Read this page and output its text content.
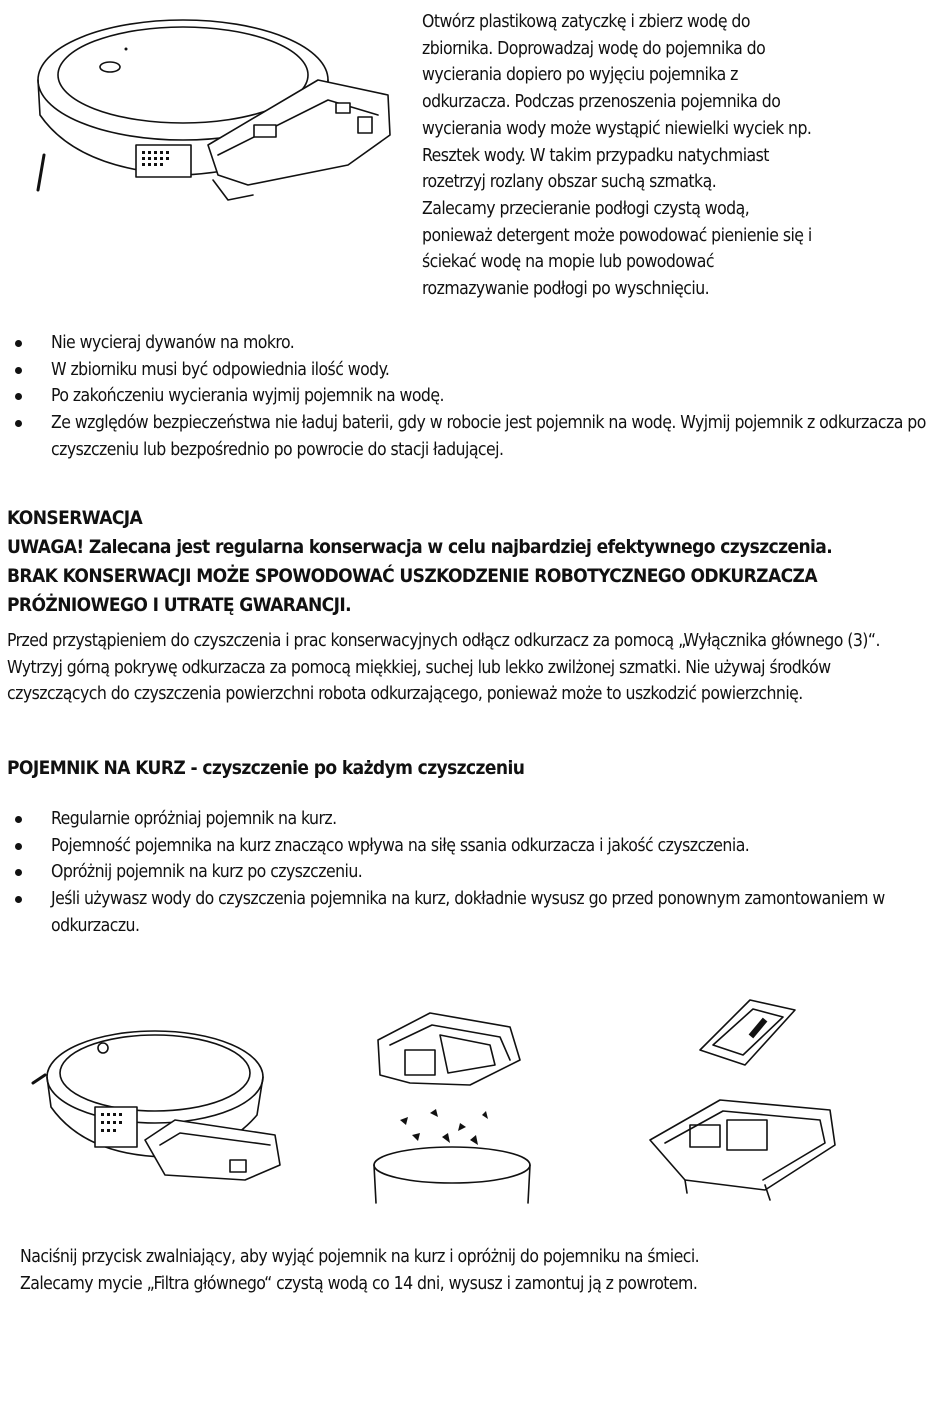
Otwórz plastikową zatyczkę i zbierz wodę do

zbiornika. Doprowadzaj wodę do pojemnika do

wycierania dopiero po wyjęciu pojemnika z

odkurzacza. Podczas przenoszenia pojemnika do

wycierania wody może wystąpić niewielki wyciek np.

Resztek wody. W takim przypadku natychmiast

rozetrzyj rozlany obszar suchą szmatką.

Zalecamy przecieranie podłogi czystą wodą,

ponieważ detergent może powodować pienienie się i

ściekać wodę na mopie lub powodować

rozmazywanie podłogi po wyschnięciu.

Nie wycieraj dywanów na mokro.
W zbiorniku musi być odpowiednia ilość wody.
Po zakończeniu wycierania wyjmij pojemnik na wodę.
Ze względów bezpieczeństwa nie ładuj baterii, gdy w robocie jest pojemnik na wodę. Wyjmij pojemnik z odkurzacza po czyszczeniu lub bezpośrednio po powrocie do stacji ładującej.
KONSERWACJA
UWAGA! Zalecana jest regularna konserwacja w celu najbardziej efektywnego czyszczenia.
BRAK KONSERWACJI MOŻE SPOWODOWAĆ USZKODZENIE ROBOTYCZNEGO ODKURZACZA
PRÓŻNIOWEGO I UTRATĘ GWARANCJI.

Przed przystąpieniem do czyszczenia i prac konserwacyjnych odłącz odkurzacz za pomocą „Wyłącznika głównego (3)“. Wytrzyj górną pokrywę odkurzacza za pomocą miękkiej, suchej lub lekko zwilżonej szmatki. Nie używaj środków czyszczących do czyszczenia powierzchni robota odkurzającego, ponieważ może to uszkodzić powierzchnię.

POJEMNIK NA KURZ - czyszczenie po każdym czyszczeniu
Regularnie opróżniaj pojemnik na kurz.
Pojemność pojemnika na kurz znacząco wpływa na siłę ssania odkurzacza i jakość czyszczenia.
Opróżnij pojemnik na kurz po czyszczeniu.
Jeśli używasz wody do czyszczenia pojemnika na kurz, dokładnie wysusz go przed ponownym zamontowaniem w odkurzaczu.

Naciśnij przycisk zwalniający, aby wyjąć pojemnik na kurz i opróżnij do pojemniku na śmieci.

Zalecamy mycie „Filtra głównego“ czystą wodą co 14 dni, wysusz i zamontuj ją z powrotem.
